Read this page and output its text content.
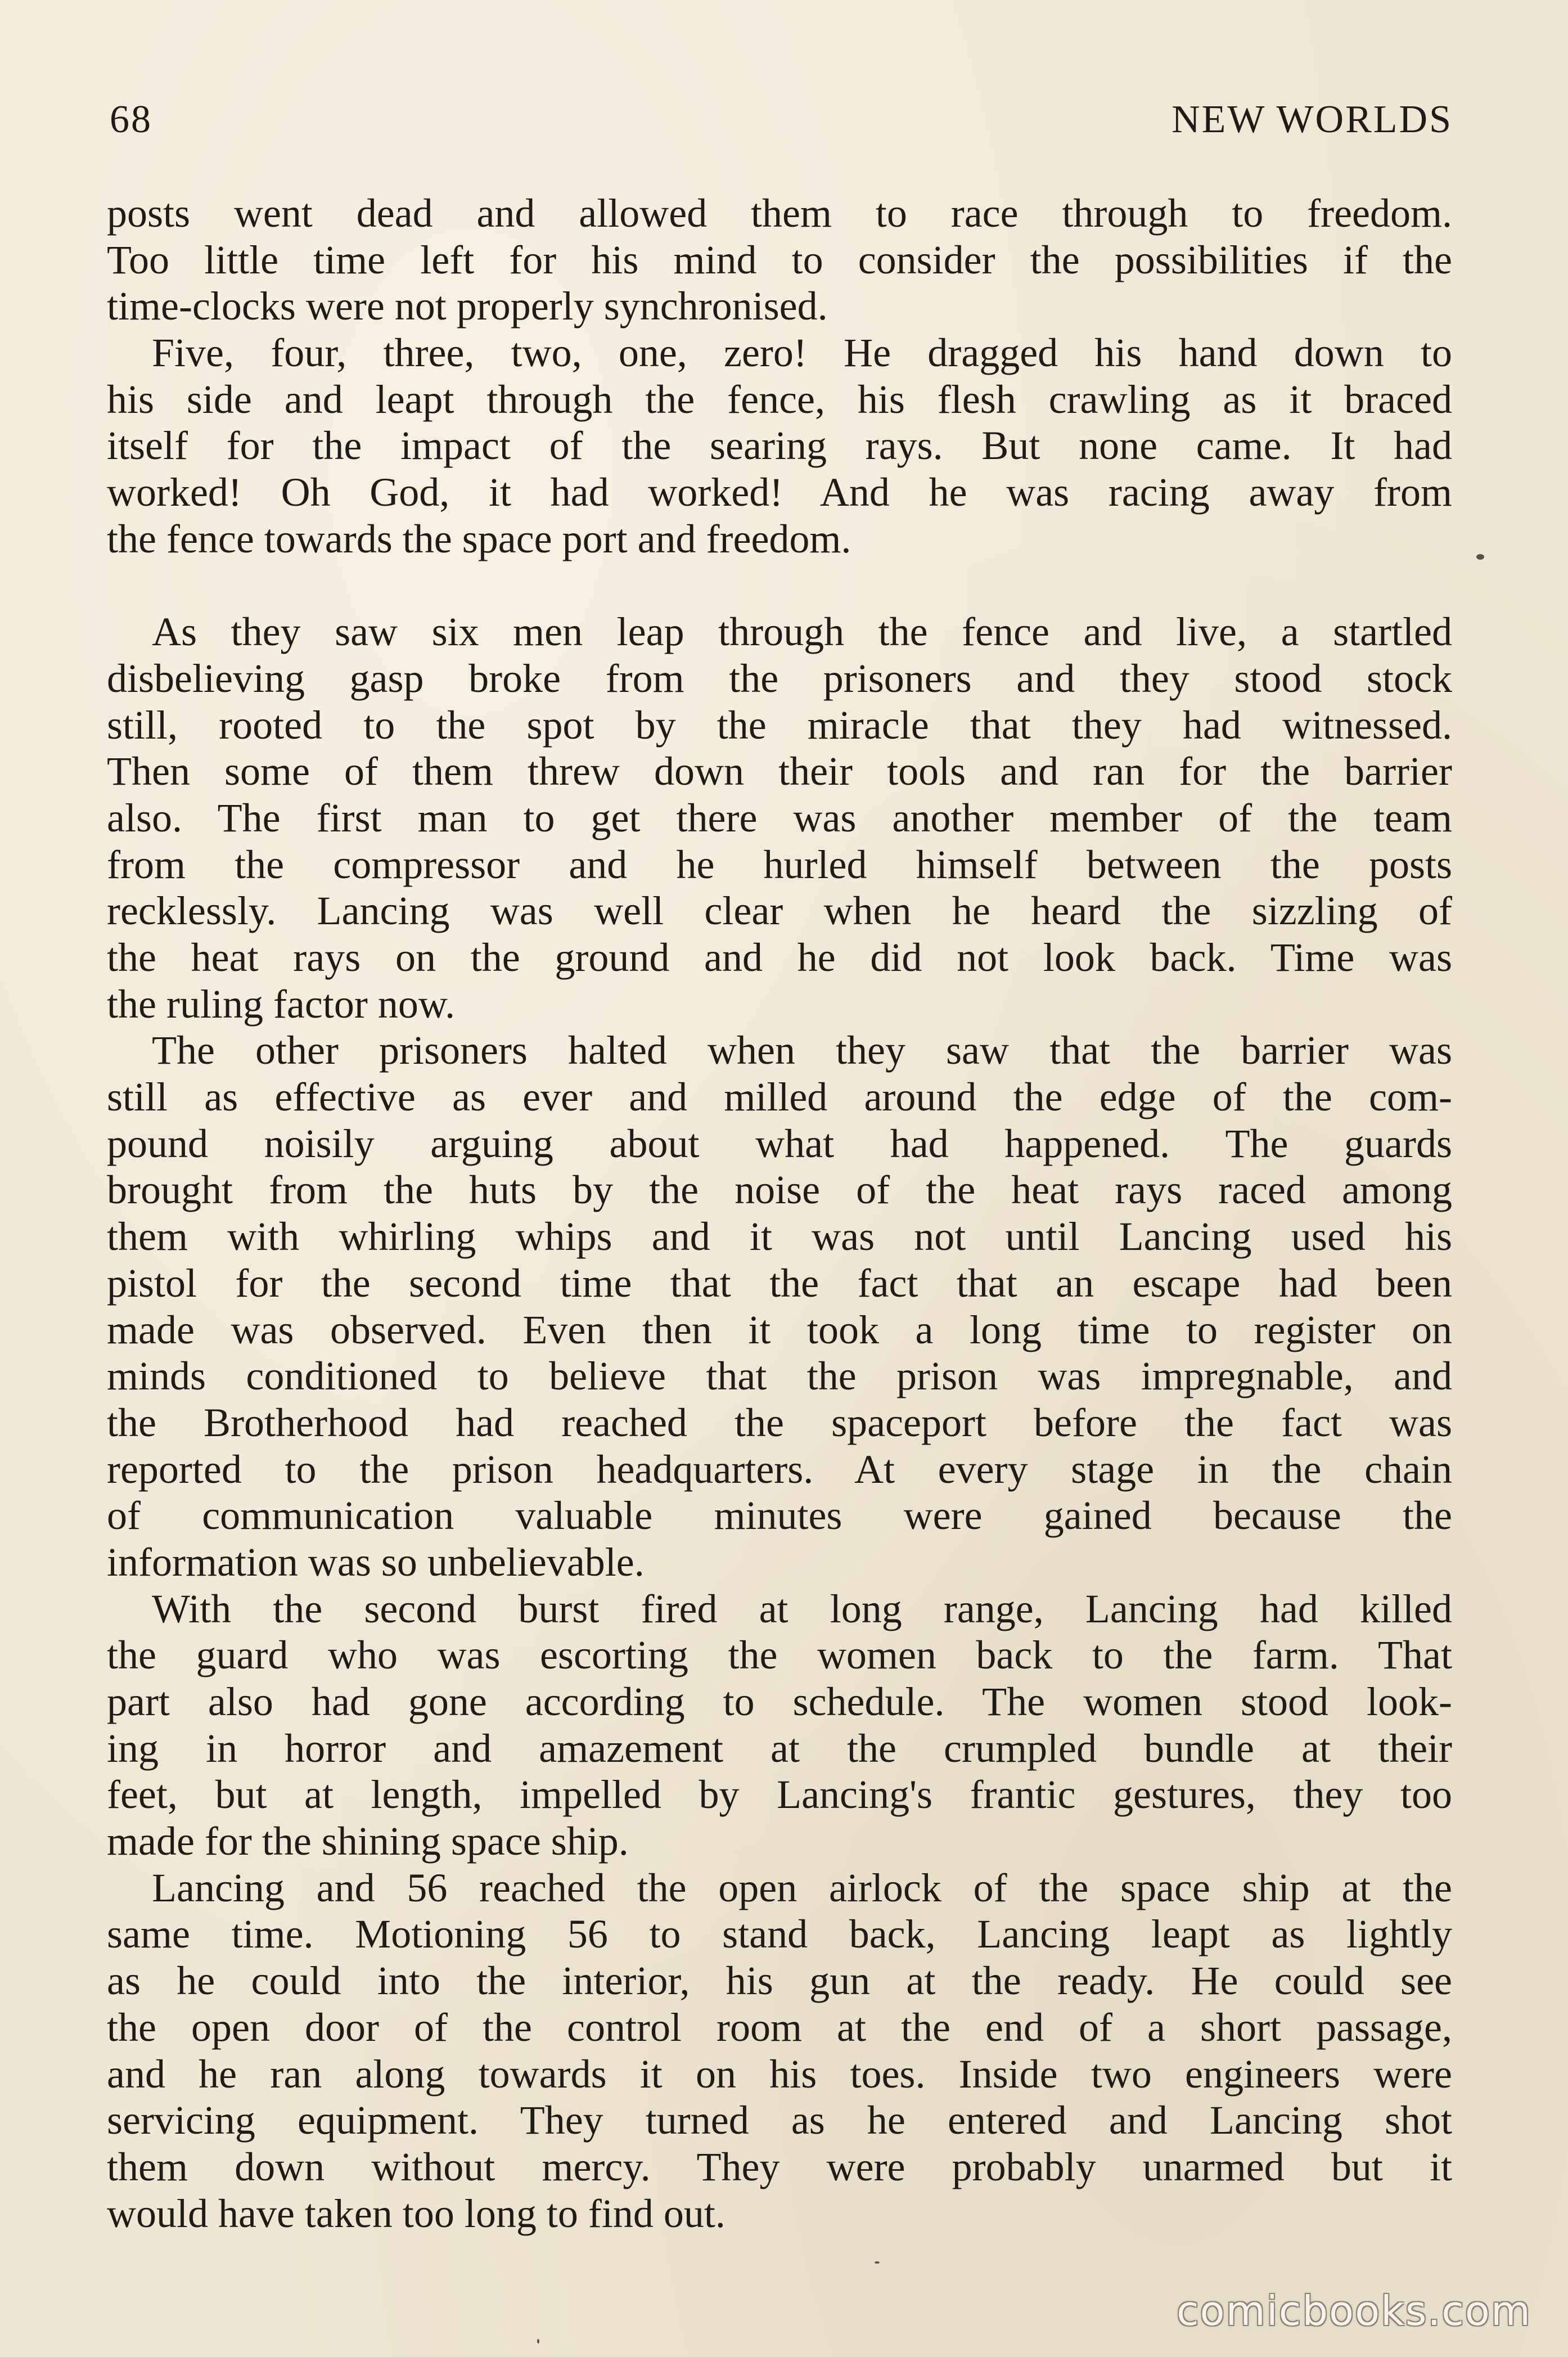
68	NEW WORLDS
posts went dead and allowed them to race through to freedom.
Too little time left for his mind to consider the possibilities if the
time-clocks were not properly synchronised.
Five, four, three, two, one, zero! He dragged his hand down to
his side and leapt through the fence, his flesh crawling as it braced
itself for the impact of the searing rays. But none came. It had
worked! Oh God, it had worked! And he was racing away from
the fence towards the space port and freedom.
As they saw six men leap through the fence and live, a startled
disbelieving gasp broke from the prisoners and they stood stock
still, rooted to the spot by the miracle that they had witnessed.
Then some of them threw down their tools and ran for the barrier
also. The first man to get there was another member of the team
from the compressor and he hurled himself between the posts
recklessly. Lancing was well clear when he heard the sizzling of
the heat rays on the ground and he did not look back. Time was
the ruling factor now.
The other prisoners halted when they saw that the barrier was
still as effective as ever and milled around the edge of the com-
pound noisily arguing about what had happened. The guards
brought from the huts by the noise of the heat rays raced among
them with whirling whips and it was not until Lancing used his
pistol for the second time that the fact that an escape had been
made was observed. Even then it took a long time to register on
minds conditioned to believe that the prison was impregnable, and
the Brotherhood had reached the spaceport before the fact was
reported to the prison headquarters. At every stage in the chain
of communication valuable minutes were gained because the
information was so unbelievable.
With the second burst fired at long range, Lancing had killed
the guard who was escorting the women back to the farm. That
part also had gone according to schedule. The women stood look-
ing in horror and amazement at the crumpled bundle at their
feet, but at length, impelled by Lancing's frantic gestures, they too
made for the shining space ship.
Lancing and 56 reached the open airlock of the space ship at the
same time. Motioning 56 to stand back, Lancing leapt as lightly
as he could into the interior, his gun at the ready. He could see
the open door of the control room at the end of a short passage,
and he ran along towards it on his toes. Inside two engineers were
servicing equipment. They turned as he entered and Lancing shot
them down without mercy. They were probably unarmed but it
would have taken too long to find out.
comicbooks.com
